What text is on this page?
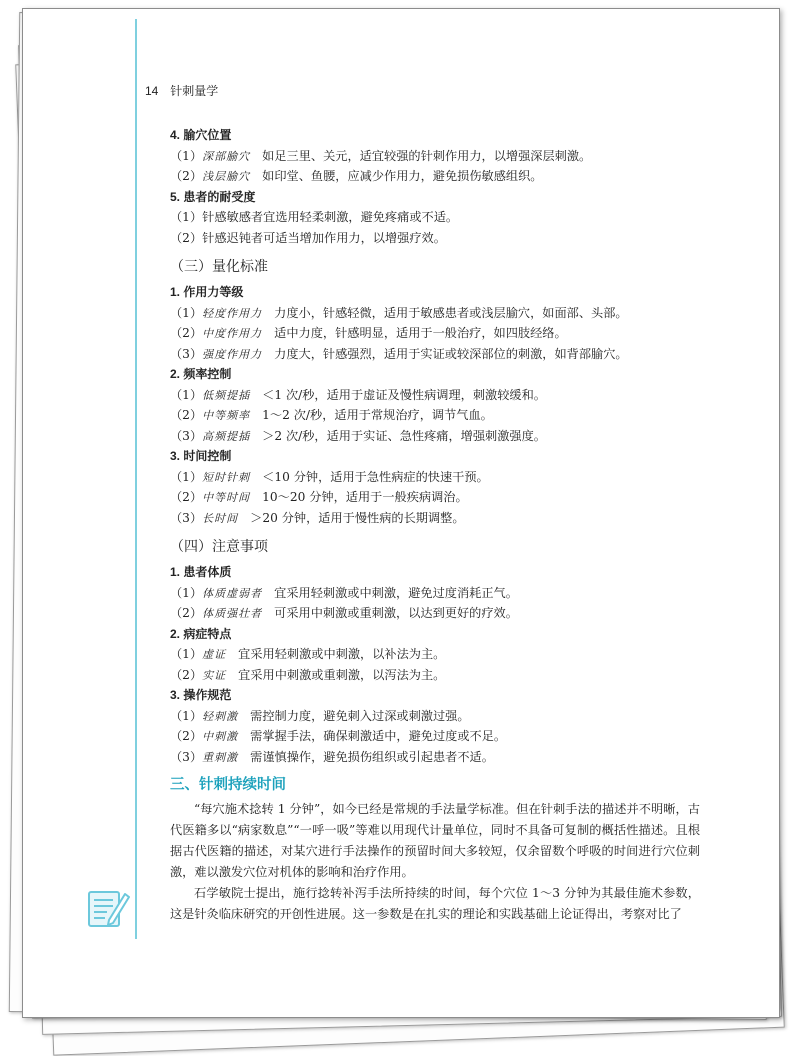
14 针刺量学
4. 腧穴位置
（1）深部腧穴 如足三里、关元，适宜较强的针刺作用力，以增强深层刺激。
（2）浅层腧穴 如印堂、鱼腰，应减少作用力，避免损伤敏感组织。
5. 患者的耐受度
（1）针感敏感者宜选用轻柔刺激，避免疼痛或不适。
（2）针感迟钝者可适当增加作用力，以增强疗效。
（三）量化标准
1. 作用力等级
（1）轻度作用力 力度小，针感轻微，适用于敏感患者或浅层腧穴，如面部、头部。
（2）中度作用力 适中力度，针感明显，适用于一般治疗，如四肢经络。
（3）强度作用力 力度大，针感强烈，适用于实证或较深部位的刺激，如背部腧穴。
2. 频率控制
（1）低频提插 ＜1 次/秒，适用于虚证及慢性病调理，刺激较缓和。
（2）中等频率 1～2 次/秒，适用于常规治疗，调节气血。
（3）高频提插 ＞2 次/秒，适用于实证、急性疼痛，增强刺激强度。
3. 时间控制
（1）短时针刺 ＜10 分钟，适用于急性病症的快速干预。
（2）中等时间 10～20 分钟，适用于一般疾病调治。
（3）长时间 ＞20 分钟，适用于慢性病的长期调整。
（四）注意事项
1. 患者体质
（1）体质虚弱者 宜采用轻刺激或中刺激，避免过度消耗正气。
（2）体质强壮者 可采用中刺激或重刺激，以达到更好的疗效。
2. 病症特点
（1）虚证 宜采用轻刺激或中刺激，以补法为主。
（2）实证 宜采用中刺激或重刺激，以泻法为主。
3. 操作规范
（1）轻刺激 需控制力度，避免刺入过深或刺激过强。
（2）中刺激 需掌握手法，确保刺激适中，避免过度或不足。
（3）重刺激 需谨慎操作，避免损伤组织或引起患者不适。
三、针刺持续时间
“每穴施术捻转 1 分钟”，如今已经是常规的手法量学标准。但在针刺手法的描述并不明晰，古代医籍多以“病家数息”“一呼一吸”等难以用现代计量单位，同时不具备可复制的概括性描述。且根据古代医籍的描述，对某穴进行手法操作的预留时间大多较短，仅余留数个呼吸的时间进行穴位刺激，难以激发穴位对机体的影响和治疗作用。
石学敏院士提出，施行捻转补泻手法所持续的时间，每个穴位 1～3 分钟为其最佳施术参数，这是针灸临床研究的开创性进展。这一参数是在扎实的理论和实践基础上论证得出，考察对比了
